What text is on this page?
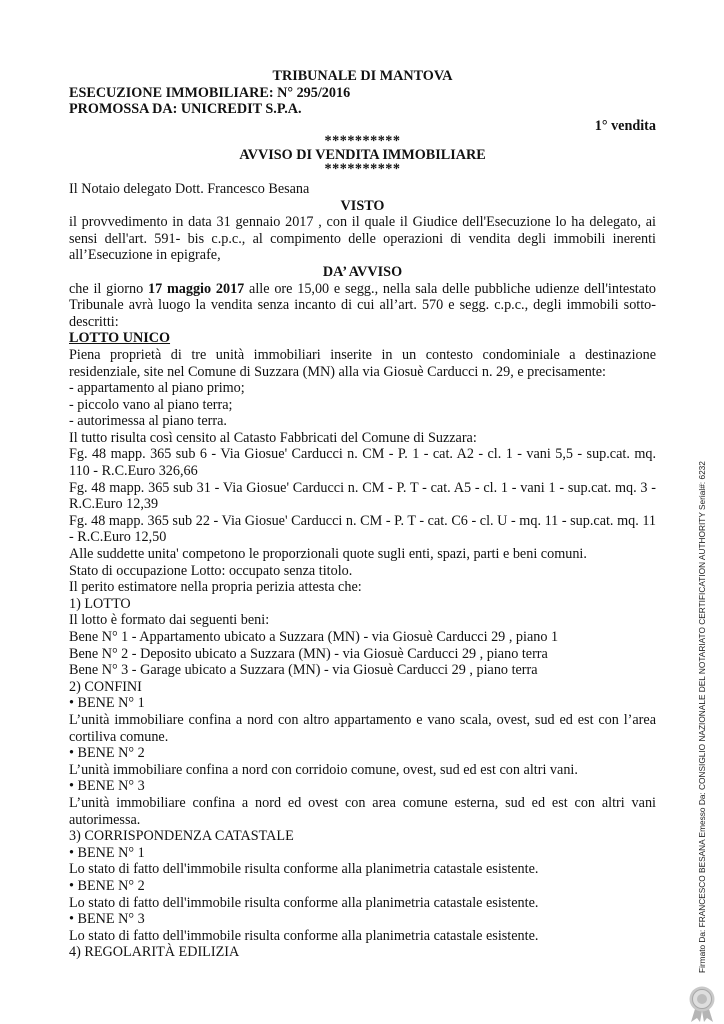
TRIBUNALE DI MANTOVA
ESECUZIONE IMMOBILIARE: N° 295/2016
PROMOSSA DA: UNICREDIT S.P.A.
1° vendita
**********
AVVISO DI VENDITA IMMOBILIARE
**********
Il Notaio delegato Dott. Francesco Besana
VISTO
il provvedimento in data 31 gennaio 2017 , con il quale il Giudice dell'Esecuzione lo ha delegato, ai sensi dell'art. 591- bis c.p.c., al compimento delle operazioni di vendita degli immobili inerenti all’Esecuzione in epigrafe,
DA’ AVVISO
che il giorno 17 maggio 2017 alle ore 15,00 e segg., nella sala delle pubbliche udienze dell'intestato Tribunale avrà luogo la vendita senza incanto di cui all’art. 570 e segg. c.p.c., degli immobili sotto-descritti:
LOTTO UNICO
Piena proprietà di tre unità immobiliari inserite in un contesto condominiale a destinazione residenziale, site nel Comune di Suzzara (MN) alla via Giosuè Carducci n. 29, e precisamente:
- appartamento al piano primo;
- piccolo vano al piano terra;
- autorimessa al piano terra.
Il tutto risulta così censito al Catasto Fabbricati del Comune di Suzzara:
Fg. 48 mapp. 365 sub 6 - Via Giosue' Carducci n. CM - P. 1 - cat. A2 - cl. 1 - vani 5,5 - sup.cat. mq. 110 - R.C.Euro 326,66
Fg. 48 mapp. 365 sub 31 - Via Giosue' Carducci n. CM - P. T - cat. A5 - cl. 1 - vani 1 - sup.cat. mq. 3 - R.C.Euro 12,39
Fg. 48 mapp. 365 sub 22 - Via Giosue' Carducci n. CM - P. T - cat. C6 - cl. U - mq. 11 - sup.cat. mq. 11 - R.C.Euro 12,50
Alle suddette unita' competono le proporzionali quote sugli enti, spazi, parti e beni comuni.
Stato di occupazione Lotto: occupato senza titolo.
Il perito estimatore nella propria perizia attesta che:
1) LOTTO
Il lotto è formato dai seguenti beni:
Bene N° 1 - Appartamento ubicato a Suzzara (MN) - via Giosuè Carducci 29 , piano 1
Bene N° 2 - Deposito ubicato a Suzzara (MN) - via Giosuè Carducci 29 , piano terra
Bene N° 3 - Garage ubicato a Suzzara (MN) - via Giosuè Carducci 29 , piano terra
2) CONFINI
• BENE N° 1
L’unità immobiliare confina a nord con altro appartamento e vano scala, ovest, sud ed est con l’area cortiliva comune.
• BENE N° 2
L’unità immobiliare confina a nord con corridoio comune, ovest, sud ed est con altri vani.
• BENE N° 3
L’unità immobiliare confina a nord ed ovest con area comune esterna, sud ed est con altri vani autorimessa.
3) CORRISPONDENZA CATASTALE
• BENE N° 1
Lo stato di fatto dell'immobile risulta conforme alla planimetria catastale esistente.
• BENE N° 2
Lo stato di fatto dell'immobile risulta conforme alla planimetria catastale esistente.
• BENE N° 3
Lo stato di fatto dell'immobile risulta conforme alla planimetria catastale esistente.
4) REGOLARITÀ EDILIZIA	Firmato Da: FRANCESCO BESANA Emesso Da: CONSIGLIO NAZIONALE DEL NOTARIATO CERTIFICATION AUTHORITY Serial#: 6232
